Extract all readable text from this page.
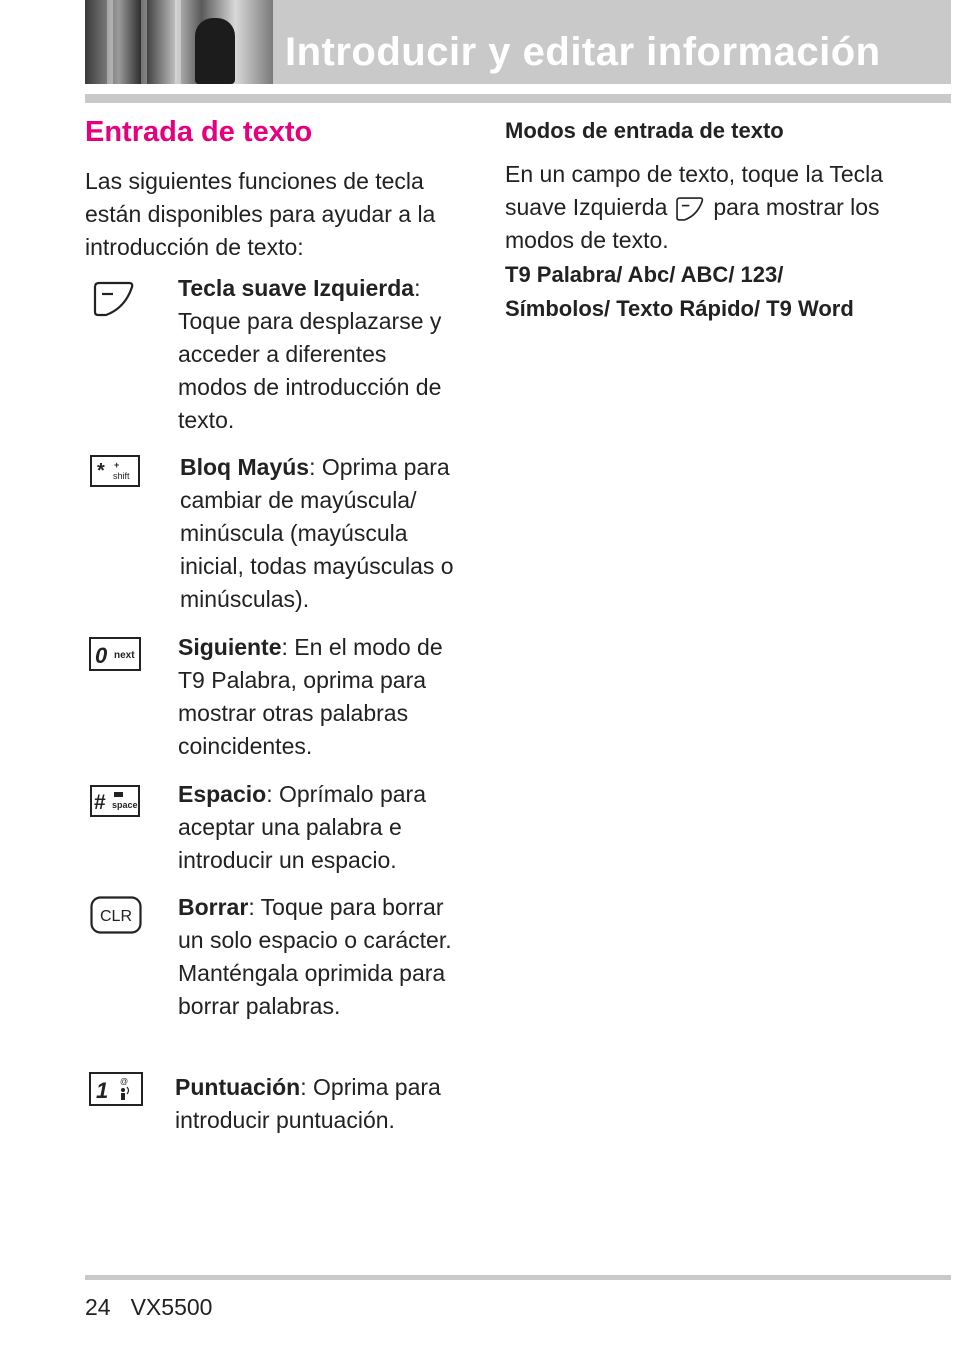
Introducir y editar información
Entrada de texto
Las siguientes funciones de tecla están disponibles para ayudar a la introducción de texto:
Tecla suave Izquierda: Toque para desplazarse y acceder a diferentes modos de introducción de texto.
* +
shift Bloq Mayús: Oprima para cambiar de mayúscula/ minúscula (mayúscula inicial, todas mayúsculas o minúsculas).
0 next Siguiente: En el modo de T9 Palabra, oprima para mostrar otras palabras coincidentes.
# space Espacio: Oprímalo para aceptar una palabra e introducir un espacio.
CLR Borrar: Toque para borrar un solo espacio o carácter. Manténgala oprimida para borrar palabras.
1 @ Puntuación: Oprima para introducir puntuación.
Modos de entrada de texto
En un campo de texto, toque la Tecla suave Izquierda para mostrar los modos de texto.
T9 Palabra/ Abc/ ABC/ 123/
Símbolos/ Texto Rápido/ T9 Word
24 VX5500
